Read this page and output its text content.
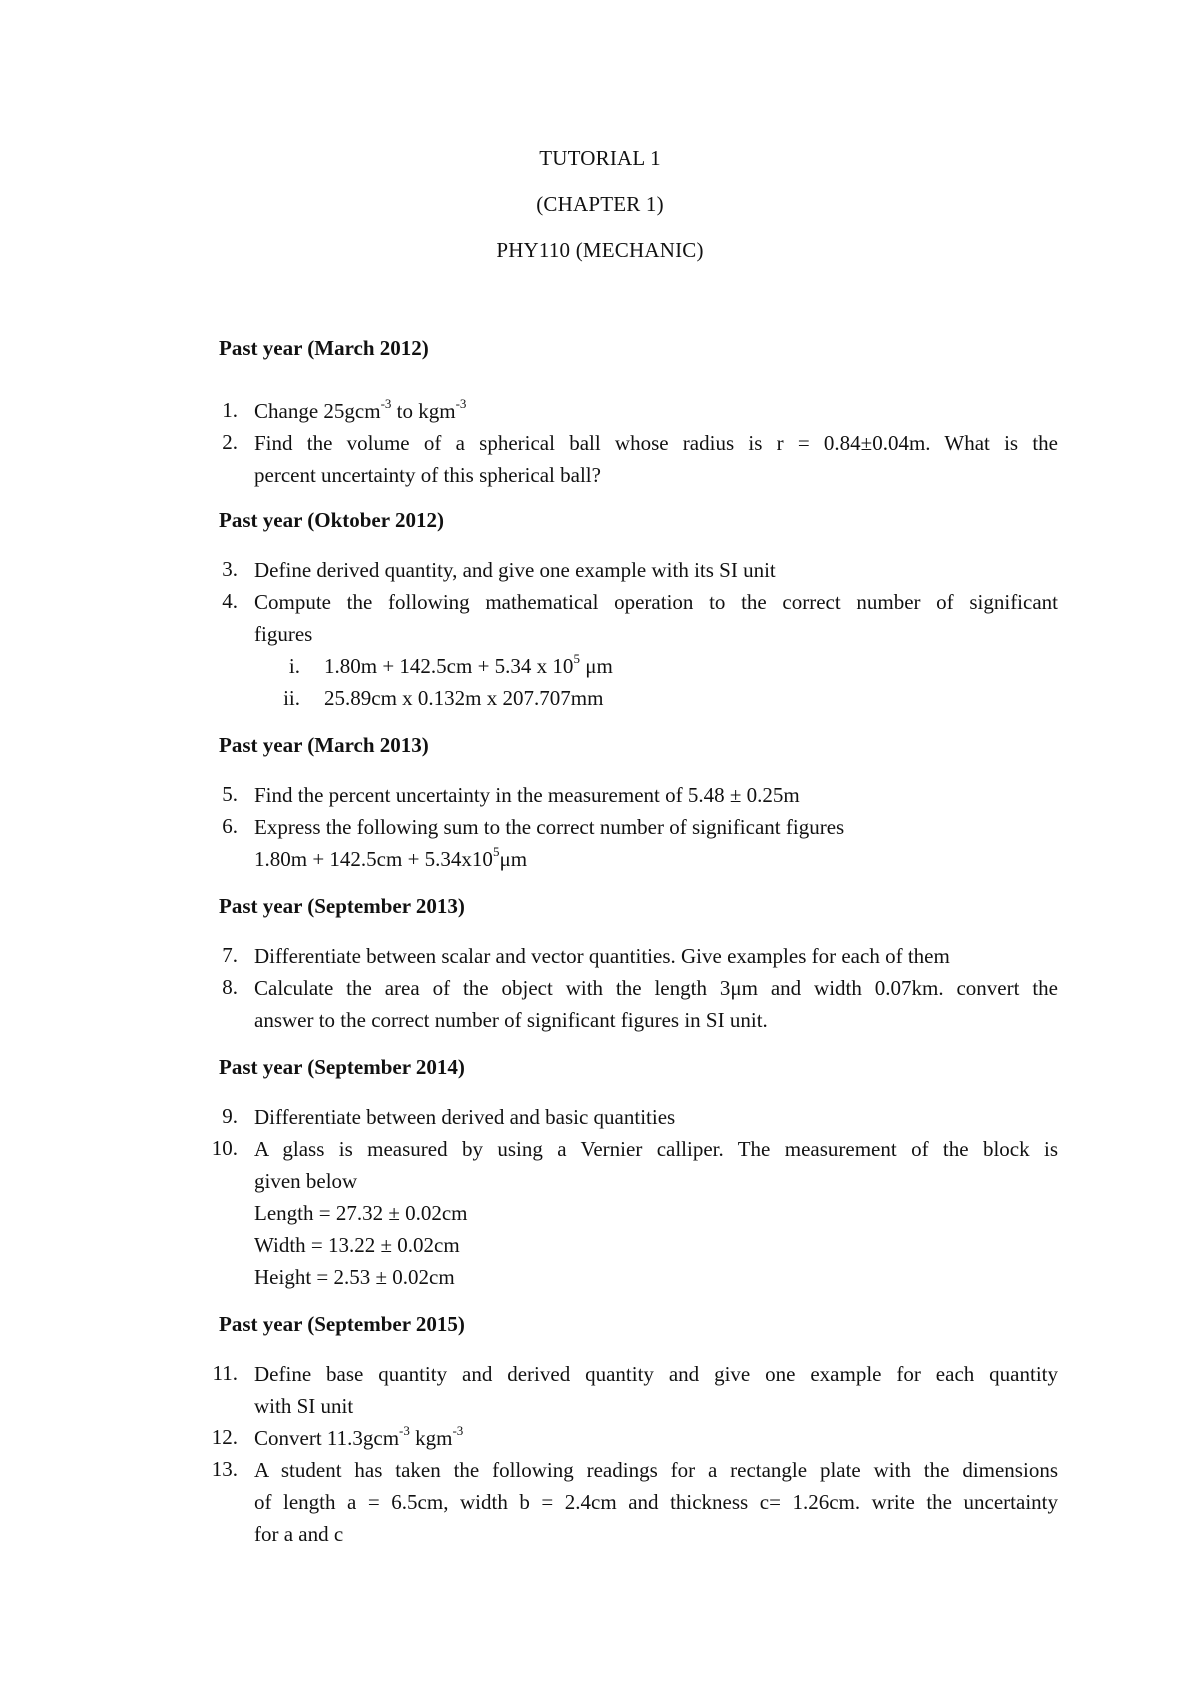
TUTORIAL 1
(CHAPTER 1)
PHY110 (MECHANIC)
Past year (March 2012)
1. Change 25gcm$^{-3}$ to kgm$^{-3}$
2. Find the volume of a spherical ball whose radius is r = 0.84±0.04m. What is the
percent uncertainty of this spherical ball?
Past year (Oktober 2012)
3. Define derived quantity, and give one example with its SI unit
4. Compute the following mathematical operation to the correct number of significant
figures
i. 1.80m + 142.5cm + 5.34 x $10^5$ μm
ii. 25.89cm x 0.132m x 207.707mm
Past year (March 2013)
5. Find the percent uncertainty in the measurement of 5.48 ± 0.25m
6. Express the following sum to the correct number of significant figures
$1.80m + 142.5cm + 5.34x10^5\mu m$
Past year (September 2013)
7. Differentiate between scalar and vector quantities. Give examples for each of them
8. Calculate the area of the object with the length 3μm and width 0.07km. convert the
answer to the correct number of significant figures in SI unit.
Past year (September 2014)
9. Differentiate between derived and basic quantities
10. A glass is measured by using a Vernier calliper. The measurement of the block is
given below
Length = 27.32 ± 0.02cm
Width = 13.22 ± 0.02cm
Height = 2.53 ± 0.02cm
Past year (September 2015)
11. Define base quantity and derived quantity and give one example for each quantity
with SI unit
12. Convert 11.3gcm$^{-3}$ kgm$^{-3}$
13. A student has taken the following readings for a rectangle plate with the dimensions
of length a = 6.5cm, width b = 2.4cm and thickness c= 1.26cm. write the uncertainty
for a and c
